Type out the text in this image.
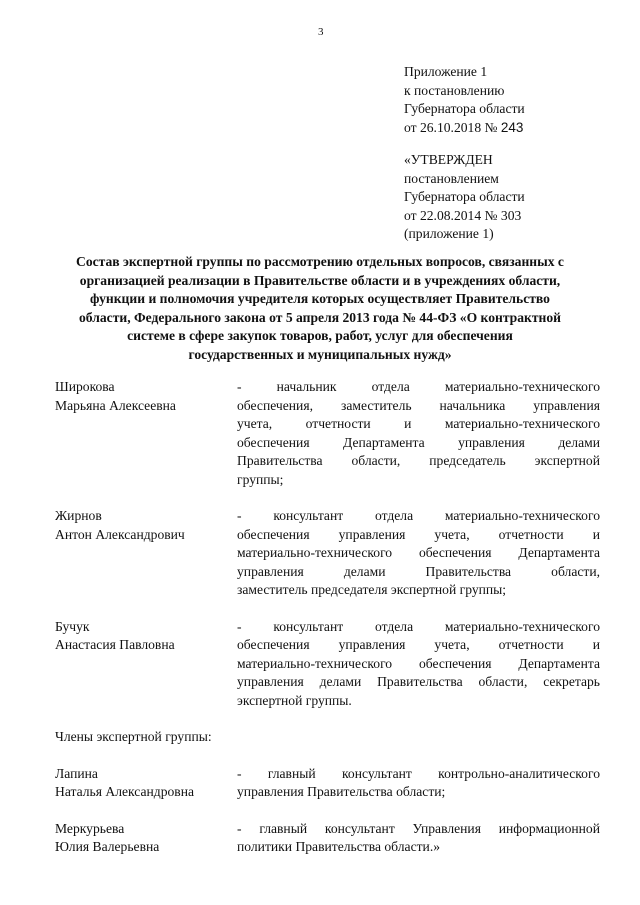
3
Приложение 1
к постановлению
Губернатора области
от 26.10.2018 № 243
«УТВЕРЖДЕН
постановлением
Губернатора области
от 22.08.2014 № 303
(приложение 1)
Состав экспертной группы по рассмотрению отдельных вопросов, связанных с
организацией реализации в Правительстве области и в учреждениях области,
функции и полномочия учредителя которых осуществляет Правительство
области, Федерального закона от 5 апреля 2013 года № 44-ФЗ «О контрактной
системе в сфере закупок товаров, работ, услуг для обеспечения
государственных и муниципальных нужд»
Широкова
Марьяна Алексеевна
- начальник отдела материально-технического
обеспечения, заместитель начальника управления
учета, отчетности и материально-технического
обеспечения Департамента управления делами
Правительства области, председатель экспертной
группы;
Жирнов
Антон Александрович
- консультант отдела материально-технического
обеспечения управления учета, отчетности и
материально-технического обеспечения Департамента
управления делами Правительства области,
заместитель председателя экспертной группы;
Бучук
Анастасия Павловна
- консультант отдела материально-технического
обеспечения управления учета, отчетности и
материально-технического обеспечения Департамента
управления делами Правительства области, секретарь
экспертной группы.
Члены экспертной группы:
Лапина
Наталья Александровна
- главный консультант контрольно-аналитического
управления Правительства области;
Меркурьева
Юлия Валерьевна
- главный консультант Управления информационной
политики Правительства области.»
